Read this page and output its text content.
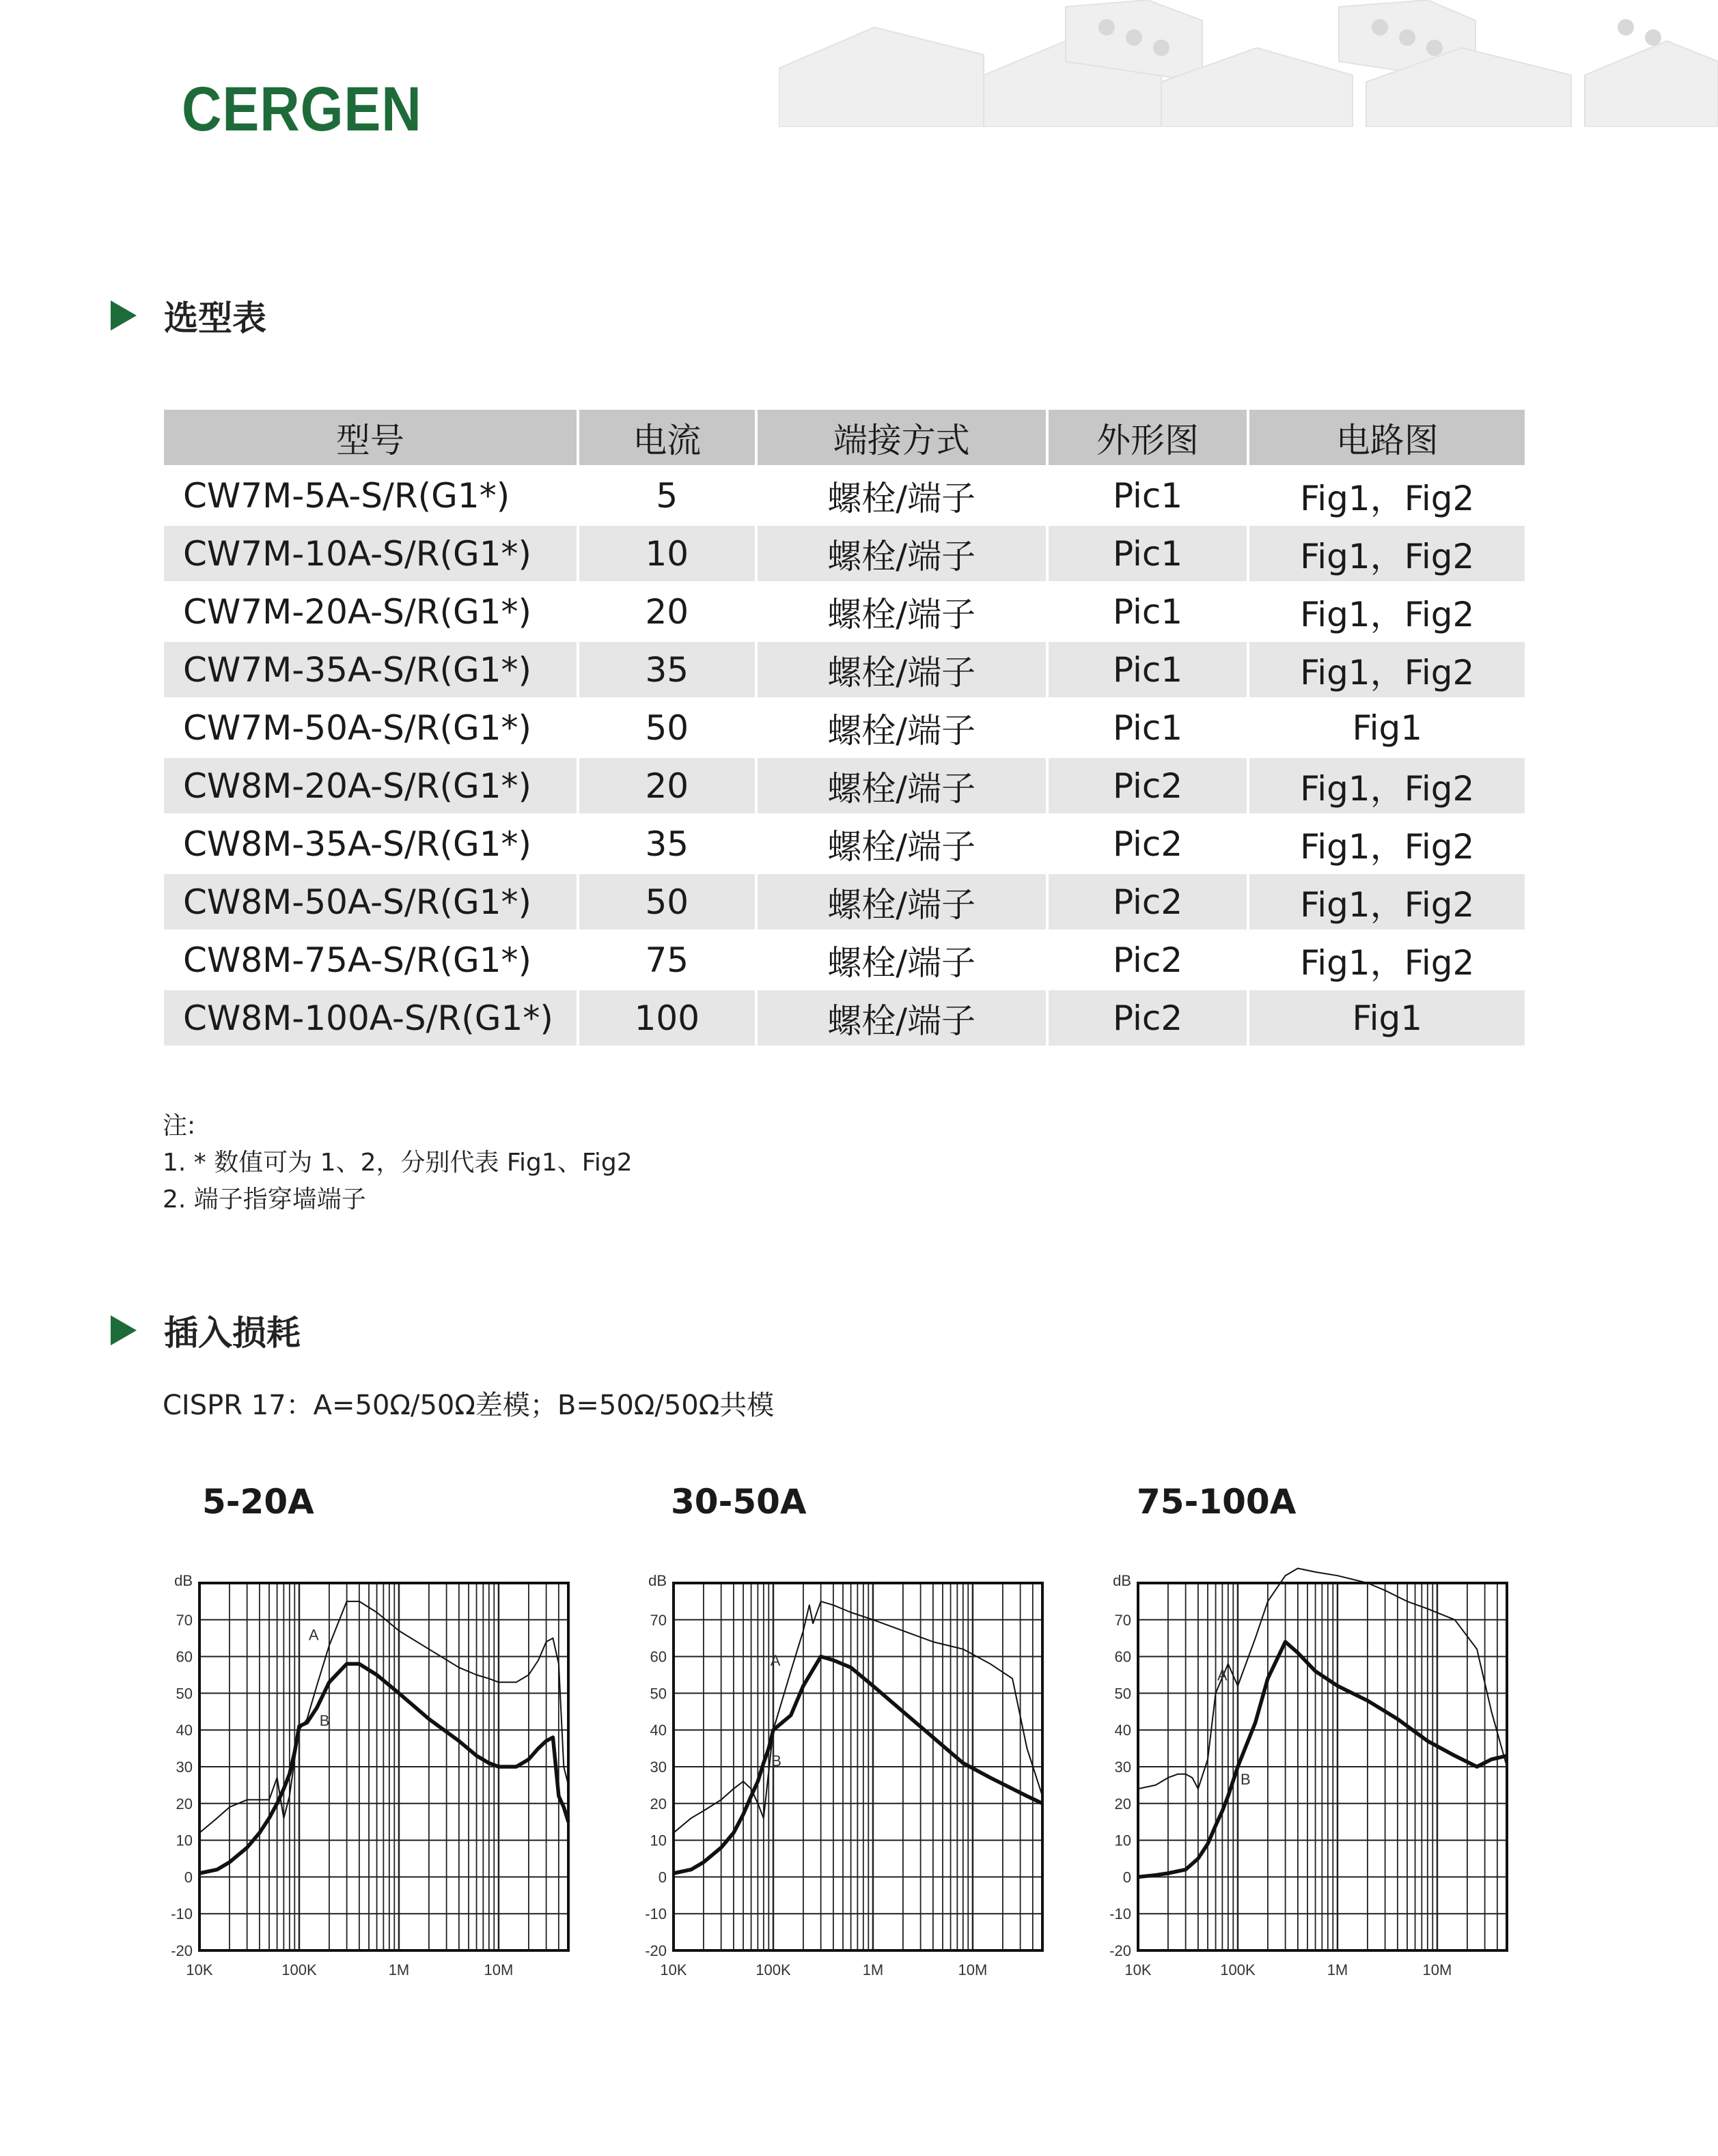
CERGEN
选型表
型号	电流	端接方式	外形图	电路图
CW7M-5A-S/R(G1*)	5	螺栓/端子	Pic1	Fig1，Fig2
CW7M-10A-S/R(G1*)	10	螺栓/端子	Pic1	Fig1，Fig2
CW7M-20A-S/R(G1*)	20	螺栓/端子	Pic1	Fig1，Fig2
CW7M-35A-S/R(G1*)	35	螺栓/端子	Pic1	Fig1，Fig2
CW7M-50A-S/R(G1*)	50	螺栓/端子	Pic1	Fig1
CW8M-20A-S/R(G1*)	20	螺栓/端子	Pic2	Fig1，Fig2
CW8M-35A-S/R(G1*)	35	螺栓/端子	Pic2	Fig1，Fig2
CW8M-50A-S/R(G1*)	50	螺栓/端子	Pic2	Fig1，Fig2
CW8M-75A-S/R(G1*)	75	螺栓/端子	Pic2	Fig1，Fig2
CW8M-100A-S/R(G1*)	100	螺栓/端子	Pic2	Fig1
注:
1. * 数值可为 1、2，分别代表 Fig1、Fig2
2. 端子指穿墙端子
插入损耗
CISPR 17：A=50Ω/50Ω差模；B=50Ω/50Ω共模
5-20A	30-50A	75-100A
-20
-10
0
10
20
30
40
50
60
70
dB
10K	100K	1M	10M
A
B
-20
-10
0
10
20
30
40
50
60
70
dB
10K	100K	1M	10M
A
B
-20
-10
0
10
20
30
40
50
60
70
dB
10K	100K	1M	10M
A
B
